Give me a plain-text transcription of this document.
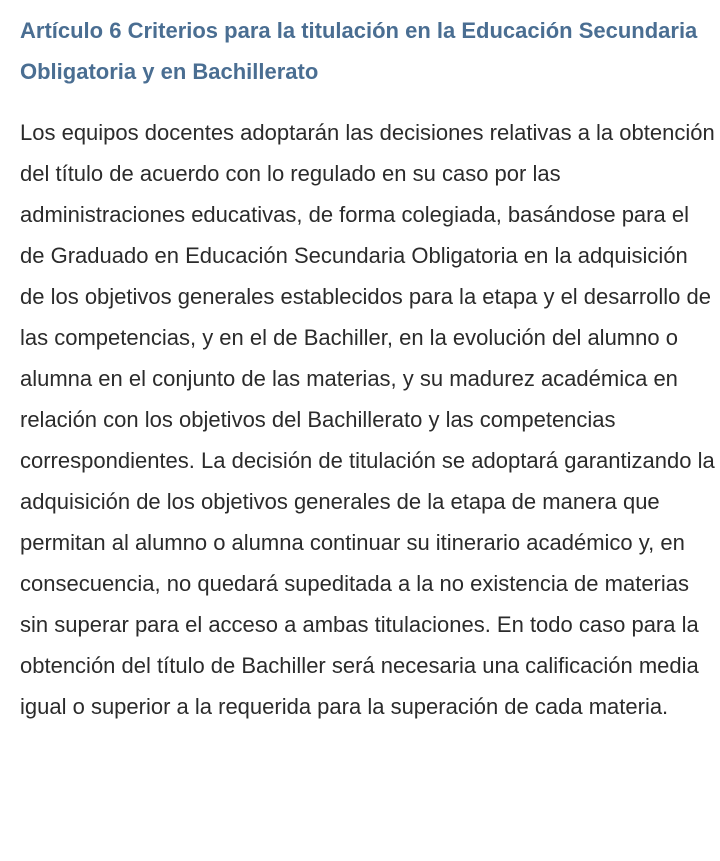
Artículo 6 Criterios para la titulación en la Educación Secundaria Obligatoria y en Bachillerato

Los equipos docentes adoptarán las decisiones relativas a la obtención del título de acuerdo con lo regulado en su caso por las administraciones educativas, de forma colegiada, basándose para el de Graduado en Educación Secundaria Obligatoria en la adquisición de los objetivos generales establecidos para la etapa y el desarrollo de las competencias, y en el de Bachiller, en la evolución del alumno o alumna en el conjunto de las materias, y su madurez académica en relación con los objetivos del Bachillerato y las competencias correspondientes. La decisión de titulación se adoptará garantizando la adquisición de los objetivos generales de la etapa de manera que permitan al alumno o alumna continuar su itinerario académico y, en consecuencia, no quedará supeditada a la no existencia de materias sin superar para el acceso a ambas titulaciones. En todo caso para la obtención del título de Bachiller será necesaria una calificación media igual o superior a la requerida para la superación de cada materia.
